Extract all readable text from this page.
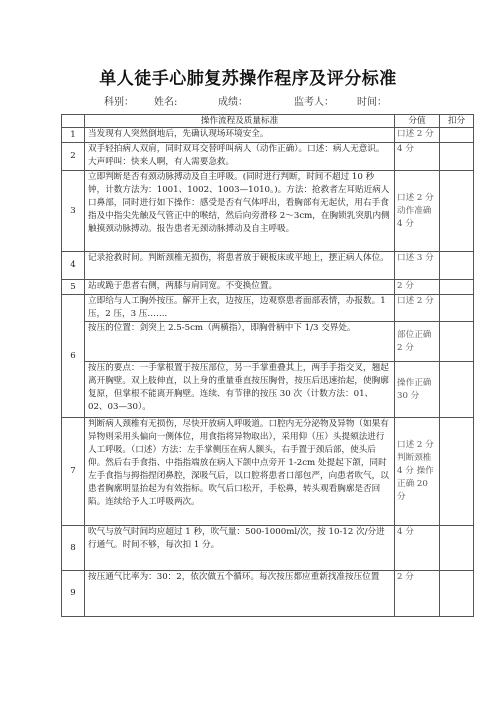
单人徒手心肺复苏操作程序及评分标准
科别： 姓名:	成绩：	监考人： 时间：
	操作流程及质量标准	分值	扣分
1	当发现有人突然倒地后，先确认现场环境安全。	口述 2 分	
2	双手轻拍病人双肩，同时双耳交替呼叫病人（动作正确）。口述：病人无意识。大声呼叫：快来人啊，有人需要急救。	4 分	
3	立即判断是否有颈动脉搏动及自主呼吸。(同时进行判断，时间不超过 10 秒钟，计数方法为：1001、1002、1003—1010。)。方法：抢救者左耳贴近病人口鼻部，同时进行如下操作：感受是否有气体呼出，看胸部有无起伏，用右手食指及中指尖先触及气管正中的喉结，然后向旁滑移 2～3cm，在胸锁乳突肌内侧触摸颈动脉搏动。报告患者无颈动脉搏动及自主呼吸。	口述 2 分 动作准确 4 分	
4	记录抢救时间。判断颈椎无损伤，将患者放于硬板床或平地上，摆正病人体位。	口述 3 分	
5	站或跪于患者右侧，两膝与肩同宽。不变换位置。	2 分	
6	立即给与人工胸外按压。解开上衣，边按压，边观察患者面部表情，办报数。1 压，2 压，3 压…….	口述 2 分	
	按压的位置：剑突上 2.5-5cm（两横指），即胸骨柄中下 1/3 交界处。	部位正确 2 分	
	按压的要点：一手掌根置于按压部位，另一手掌重叠其上，两手手指交叉，翘起离开胸壁。双上肢伸直，以上身的重量垂直按压胸骨，按压后迅速抬起，使胸廓复原，但掌根不能离开胸壁。连续、有节律的按压 30 次（计数方法：01、02、03—30）。	操作正确 30 分	
7	判断病人颈椎有无损伤，尽快开放病人呼吸道。口腔内无分泌物及异物（如果有异物则采用头偏向一侧体位，用食指将异物取出），采用仰（压）头提颏法进行人工呼吸。（口述）方法：左手掌侧压在病人额头，右手置于颈后部，使头后仰。然后右手食指、中指指端放在病人下颌中点旁开 1-2cm 处提起下颌，同时左手食指与拇指捏闭鼻腔，深吸气后，以口腔将患者口部包严，向患者吹气，以患者胸廓明显抬起为有效指标。吹气后口松开，手松鼻，转头观看胸廓是否回陷。连续给予人工呼吸两次。	口述 2 分 判断颈椎 4 分 操作正确 20 分	
8	吹气与放气时间均应超过 1 秒，吹气量：500-1000ml/次，按 10-12 次/分进行通气。时间不够，每次扣 1 分。	4 分	
9	按压通气比率为：30：2，依次做五个循环。每次按压都应重新找准按压位置	2 分	
